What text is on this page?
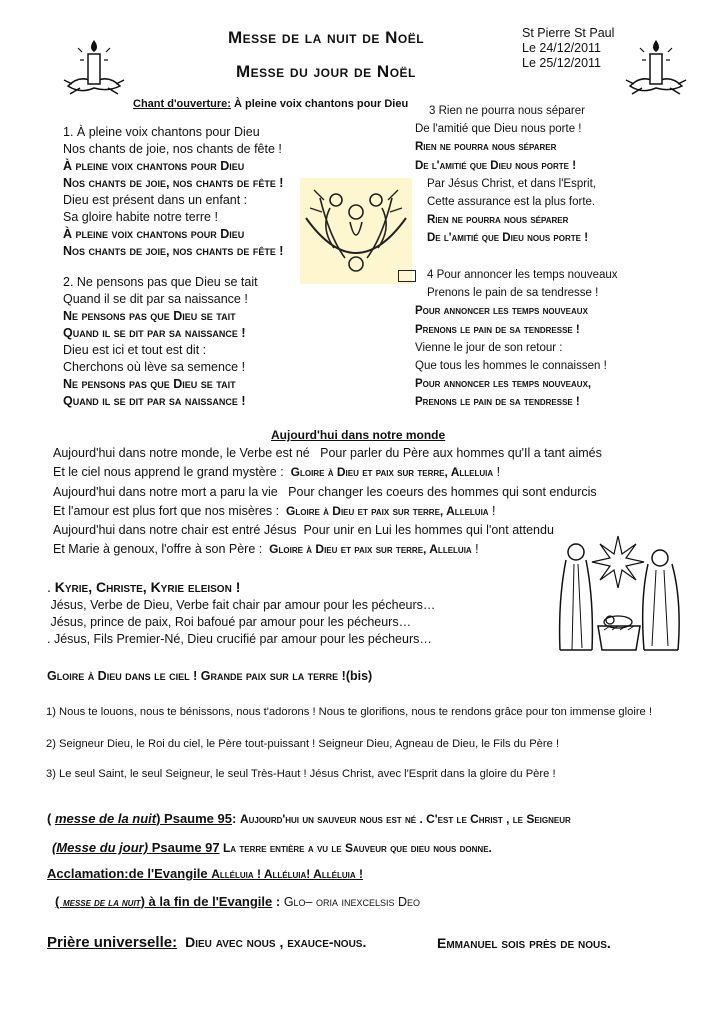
Messe de la nuit de Noël
Messe du jour de Noël
St Pierre St Paul
Le 24/12/2011
Le 25/12/2011
Chant d'ouverture: À pleine voix chantons pour Dieu
1. À pleine voix chantons pour Dieu
Nos chants de joie, nos chants de fête !
À pleine voix chantons pour Dieu
Nos chants de joie, nos chants de fête !
Dieu est présent dans un enfant :
Sa gloire habite notre terre !
À pleine voix chantons pour Dieu
Nos chants de joie, nos chants de fête !
2. Ne pensons pas que Dieu se tait
Quand il se dit par sa naissance !
Ne pensons pas que Dieu se tait
Quand il se dit par sa naissance !
Dieu est ici et tout est dit :
Cherchons où lève sa semence !
Ne pensons pas que Dieu se tait
Quand il se dit par sa naissance !
3 Rien ne pourra nous séparer
De l'amitié que Dieu nous porte !
Rien ne pourra nous séparer
De l'amitié que Dieu nous porte !
Par Jésus Christ, et dans l'Esprit,
Cette assurance est la plus forte.
Rien ne pourra nous séparer
De l'amitié que Dieu nous porte !
4 Pour annoncer les temps nouveaux
Prenons le pain de sa tendresse !
Pour annoncer les temps nouveaux
Prenons le pain de sa tendresse !
Vienne le jour de son retour :
Que tous les hommes le connaissen !
Pour annoncer les temps nouveaux,
Prenons le pain de sa tendresse !
Aujourd'hui dans notre monde
Aujourd'hui dans notre monde, le Verbe est né   Pour parler du Père aux hommes qu'Il a tant aimés
Et le ciel nous apprend le grand mystère :  Gloire à Dieu et paix sur terre, Alleluia !
Aujourd'hui dans notre mort a paru la vie   Pour changer les coeurs des hommes qui sont endurcis
Et l'amour est plus fort que nos misères :  Gloire à Dieu et paix sur terre, Alleluia !
Aujourd'hui dans notre chair est entré Jésus  Pour unir en Lui les hommes qui l'ont attendu
Et Marie à genoux, l'offre à son Père :  Gloire à Dieu et paix sur terre, Alleluia !
. Kyrie, Christe, Kyrie eleison !
Jésus, Verbe de Dieu, Verbe fait chair par amour pour les pécheurs…
Jésus, prince de paix, Roi bafoué par amour pour les pécheurs…
. Jésus, Fils Premier-Né, Dieu crucifié par amour pour les pécheurs…
Gloire à Dieu dans le ciel ! Grande paix sur la terre !(bis)
1) Nous te louons, nous te bénissons, nous t'adorons ! Nous te glorifions, nous te rendons grâce pour ton immense gloire !
2) Seigneur Dieu, le Roi du ciel, le Père tout-puissant ! Seigneur Dieu, Agneau de Dieu, le Fils du Père !
3) Le seul Saint, le seul Seigneur, le seul Très-Haut ! Jésus Christ, avec l'Esprit dans la gloire du Père !
( messe de la nuit) Psaume 95: Aujourd'hui un sauveur nous est né . C'est le Christ , le Seigneur
(Messe du jour) Psaume 97 La terre entière a vu le Sauveur que dieu nous donne.
Acclamation:de l'Evangile Alléluia ! Alléluia! Alléluia !
( messe de la nuit) à la fin de l'Evangile : Glo– oria inexcelsis Deo
Prière universelle: Dieu avec nous , exauce-nous.	Emmanuel sois près de nous.
